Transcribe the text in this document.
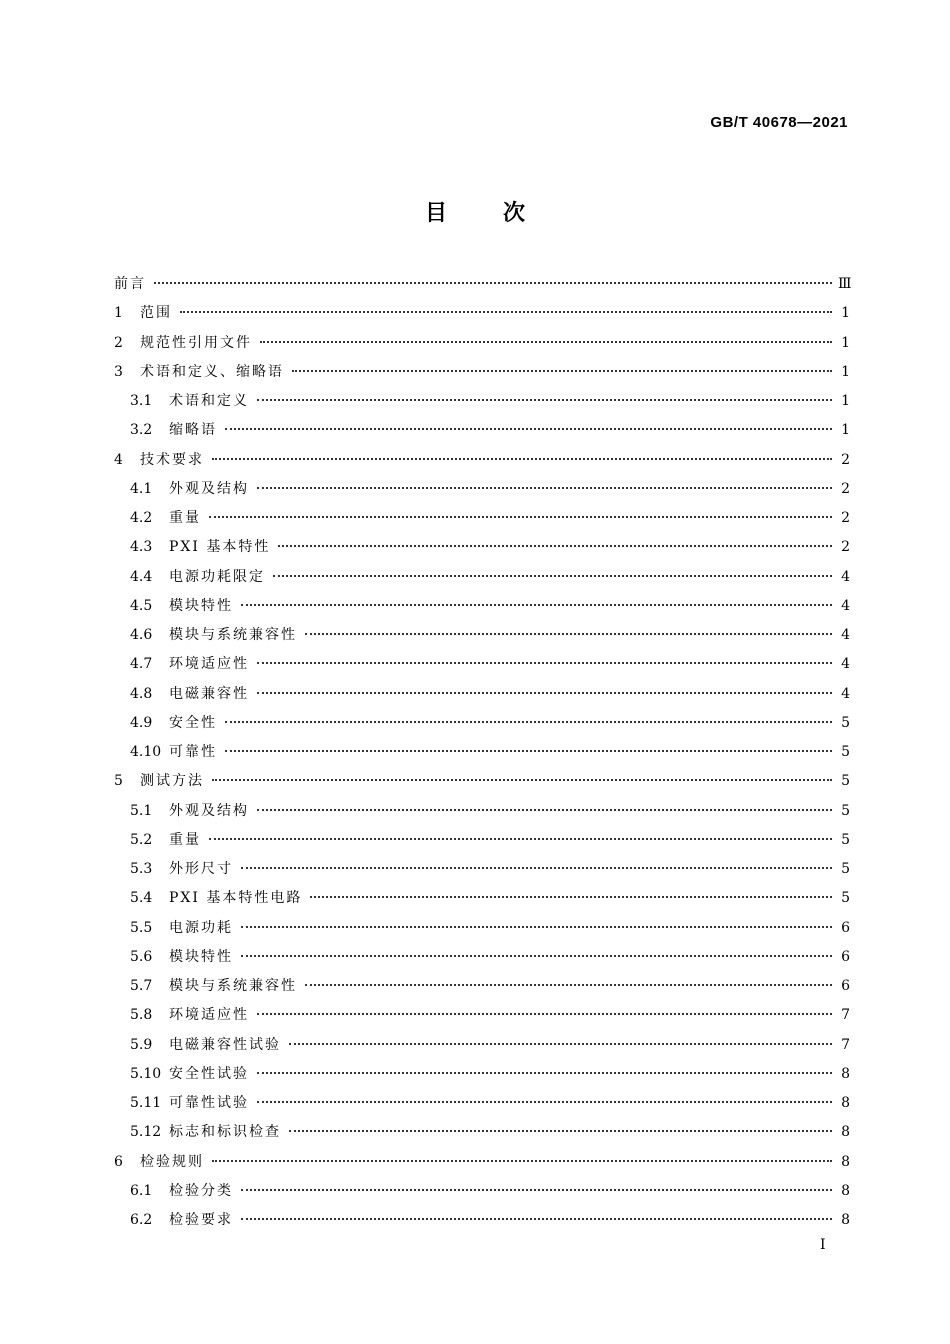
GB/T 40678—2021
目次
前言	Ⅲ
1	范围	1
2	规范性引用文件	1
3	术语和定义、缩略语	1
3.1	术语和定义	1
3.2	缩略语	1
4	技术要求	2
4.1	外观及结构	2
4.2	重量	2
4.3	PXI 基本特性	2
4.4	电源功耗限定	4
4.5	模块特性	4
4.6	模块与系统兼容性	4
4.7	环境适应性	4
4.8	电磁兼容性	4
4.9	安全性	5
4.10 可靠性	5
5	测试方法	5
5.1	外观及结构	5
5.2	重量	5
5.3	外形尺寸	5
5.4	PXI 基本特性电路	5
5.5	电源功耗	6
5.6	模块特性	6
5.7	模块与系统兼容性	6
5.8	环境适应性	7
5.9	电磁兼容性试验	7
5.10 安全性试验	8
5.11 可靠性试验	8
5.12 标志和标识检查	8
6	检验规则	8
6.1	检验分类	8
6.2	检验要求	8
I
